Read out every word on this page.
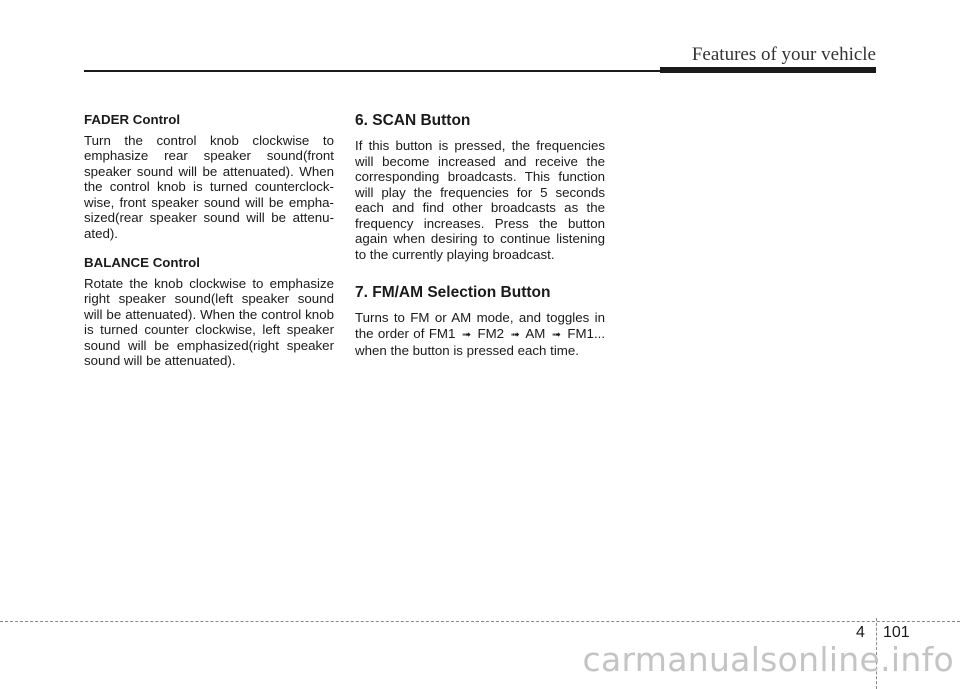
Features of your vehicle
FADER Control

Turn the control knob clockwise to emphasize rear speaker sound(front speaker sound will be attenuated). When the control knob is turned counterclock-wise, front speaker sound will be empha-sized(rear speaker sound will be attenu-ated).

BALANCE Control

Rotate the knob clockwise to emphasize right speaker sound(left speaker sound will be attenuated). When the control knob is turned counter clockwise, left speaker sound will be emphasized(right speaker sound will be attenuated).

6. SCAN Button

If this button is pressed, the frequencies will become increased and receive the corresponding broadcasts. This function will play the frequencies for 5 seconds each and find other broadcasts as the frequency increases. Press the button again when desiring to continue listening to the currently playing broadcast.

7. FM/AM Selection Button

Turns to FM or AM mode, and toggles in the order of FM1 ➟ FM2 ➟ AM ➟ FM1... when the button is pressed each time.

4 101
carmanualsonline.info
